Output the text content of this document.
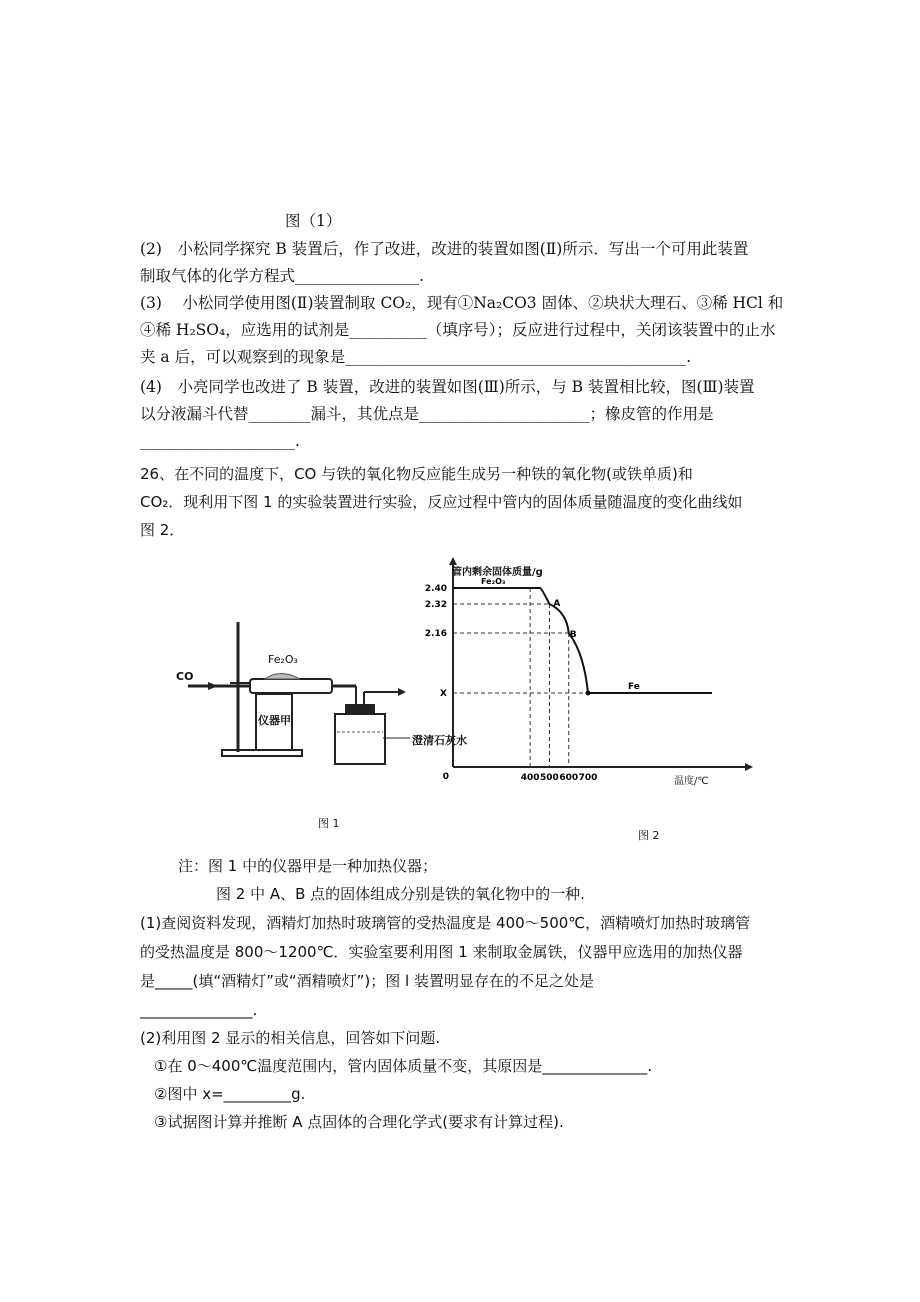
图（1）
(2)　小松同学探究 B 装置后，作了改进，改进的装置如图(Ⅱ)所示．写出一个可用此装置
制取气体的化学方程式________________.
(3)　 小松同学使用图(Ⅱ)装置制取 CO₂，现有①Na₂CO3 固体、②块状大理石、③稀 HCl 和
④稀 H₂SO₄，应选用的试剂是__________（填序号）；反应进行过程中，关闭该装置中的止水
夹 a 后，可以观察到的现象是____________________________________________.
(4)　小亮同学也改进了 B 装置，改进的装置如图(Ⅲ)所示，与 B 装置相比较，图(Ⅲ)装置
以分液漏斗代替________漏斗，其优点是______________________；橡皮管的作用是
____________________.
26、在不同的温度下，CO 与铁的氧化物反应能生成另一种铁的氧化物(或铁单质)和
CO₂．现利用下图 1 的实验装置进行实验，反应过程中管内的固体质量随温度的变化曲线如
图 2．
CO
Fe₂O₃
仪器甲
澄清石灰水
图 1
0
2.40
2.32
2.16
X
400 500 600 700
Fe₂O₃
A
B
Fe
管内剩余固体质量/g
温度/℃
图 2
注：图 1 中的仪器甲是一种加热仪器；
图 2 中 A、B 点的固体组成分别是铁的氧化物中的一种.
(1)查阅资料发现，酒精灯加热时玻璃管的受热温度是 400～500℃，酒精喷灯加热时玻璃管
的受热温度是 800～1200℃．实验室要利用图 1 来制取金属铁，仪器甲应选用的加热仪器
是_____(填“酒精灯”或“酒精喷灯”)；图 l 装置明显存在的不足之处是
_______________.
(2)利用图 2 显示的相关信息，回答如下问题.
①在 0～400℃温度范围内，管内固体质量不变，其原因是______________.
②图中 x=_________g.
③试据图计算并推断 A 点固体的合理化学式(要求有计算过程).
